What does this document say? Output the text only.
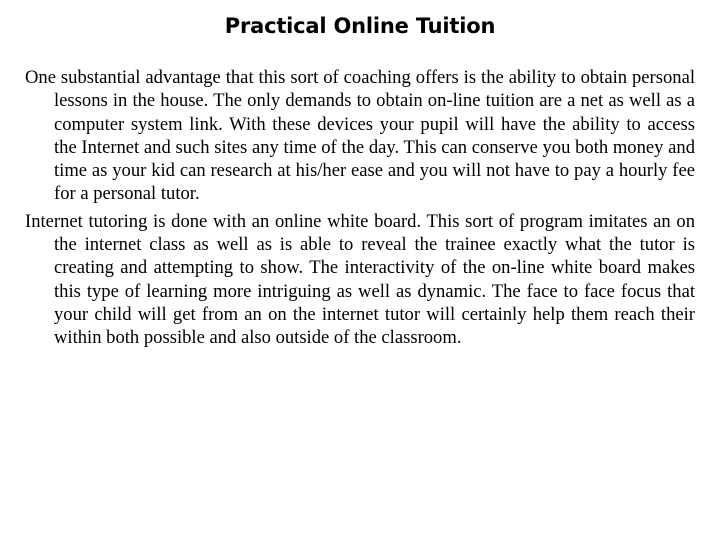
Practical Online Tuition

One substantial advantage that this sort of coaching offers is the ability to obtain personal lessons in the house. The only demands to obtain on-line tuition are a net as well as a computer system link. With these devices your pupil will have the ability to access the Internet and such sites any time of the day. This can conserve you both money and time as your kid can research at his/her ease and you will not have to pay a hourly fee for a personal tutor.

Internet tutoring is done with an online white board. This sort of program imitates an on the internet class as well as is able to reveal the trainee exactly what the tutor is creating and attempting to show. The interactivity of the on-line white board makes this type of learning more intriguing as well as dynamic. The face to face focus that your child will get from an on the internet tutor will certainly help them reach their within both possible and also outside of the classroom.
